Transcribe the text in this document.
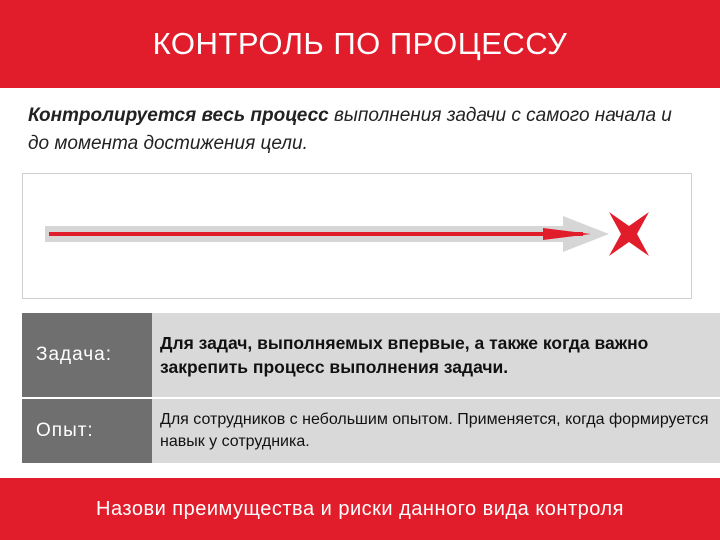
КОНТРОЛЬ ПО ПРОЦЕССУ
Контролируется весь процесс выполнения задачи с самого начала и до момента достижения цели.
Задача:
Для задач, выполняемых впервые, а также когда важно закрепить процесс выполнения задачи.
Опыт:
Для сотрудников с небольшим опытом. Применяется, когда формируется навык у сотрудника.
Назови преимущества и риски данного вида контроля
